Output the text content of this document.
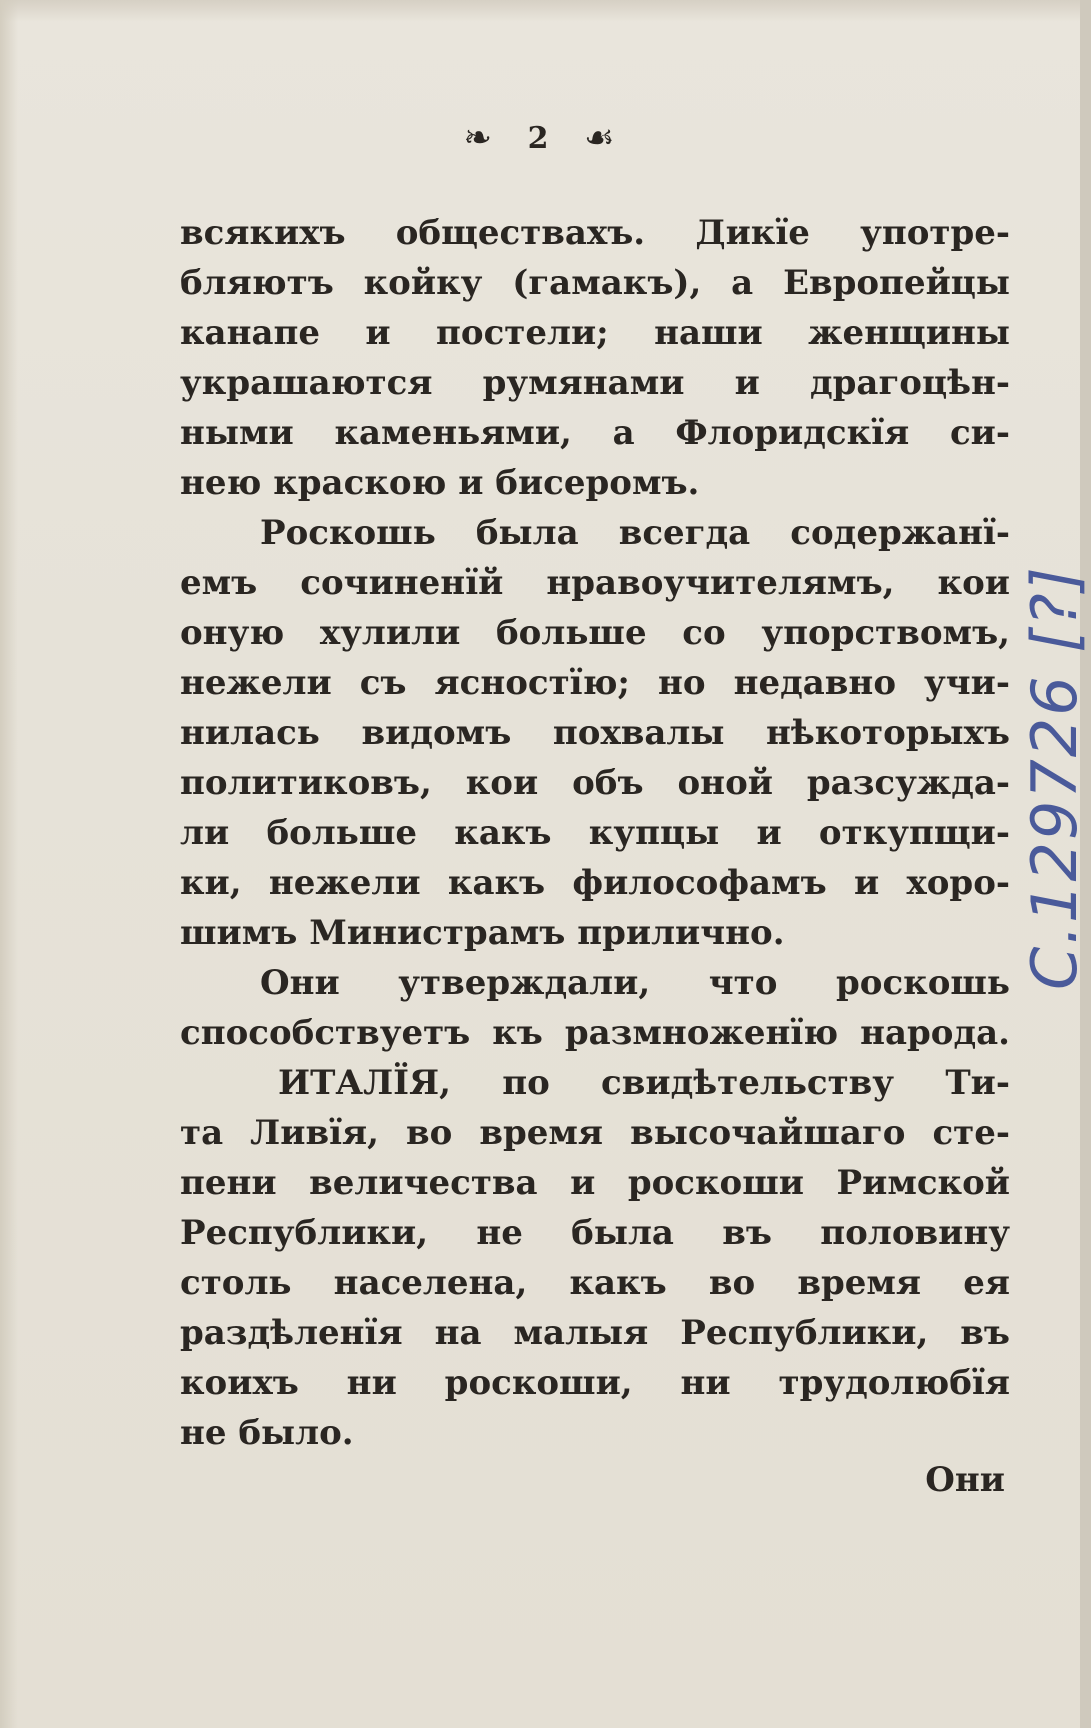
❧ 2 ☙
всякихъ обществахъ. Дикїе употре-
бляютъ койку (гамакъ), а Европейцы
канапе и постели; наши женщины
украшаются румянами и драгоцѣн-
ными каменьями, а Флоридскїя си-
нею краскою и бисеромъ.
Роскошь была всегда содержанї-
емъ сочиненїй нравоучителямъ, кои
оную хулили больше со упорствомъ,
нежели съ ясностїю; но недавно учи-
нилась видомъ похвалы нѣкоторыхъ
политиковъ, кои объ оной разсужда-
ли больше какъ купцы и откупщи-
ки, нежели какъ философамъ и хоро-
шимъ Министрамъ прилично.
Они утверждали, что роскошь
способствуетъ къ размноженїю народа.
ИТАЛЇЯ, по свидѣтельству Ти-
та Ливїя, во время высочайшаго сте-
пени величества и роскоши Римской
Республики, не была въ половину
столь населена, какъ во время ея
раздѣленїя на малыя Республики, въ
коихъ ни роскоши, ни трудолюбїя
не было.
Они
C.129726 [?]
